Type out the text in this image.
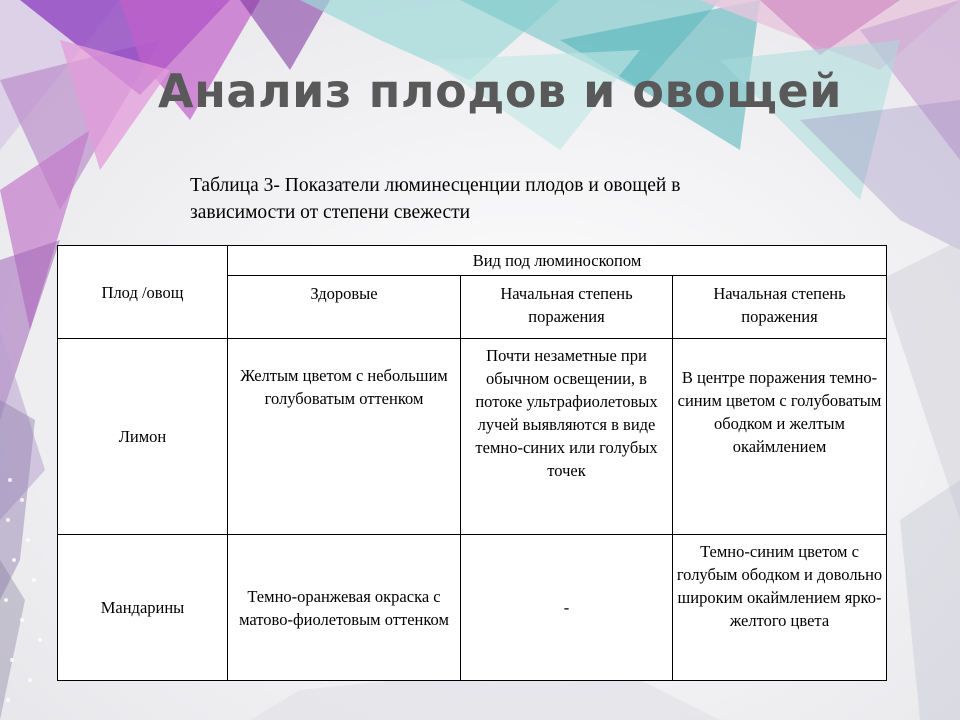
Анализ плодов и овощей
Таблица 3- Показатели люминесценции плодов и овощей в
зависимости от степени свежести
Плод /овощ	Вид под люминоскопом		
	Здоровые	Начальная степень поражения	Начальная степень поражения
Лимон	Желтым цветом с небольшим голубоватым оттенком	Почти незаметные при обычном освещении, в потоке ультрафиолетовых лучей выявляются в виде темно-синих или голубых точек	В центре поражения темно-синим цветом с голубоватым ободком и желтым окаймлением
Мандарины	Темно-оранжевая окраска с матово-фиолетовым оттенком	-	Темно-синим цветом с голубым ободком и довольно широким окаймлением ярко-желтого цвета
